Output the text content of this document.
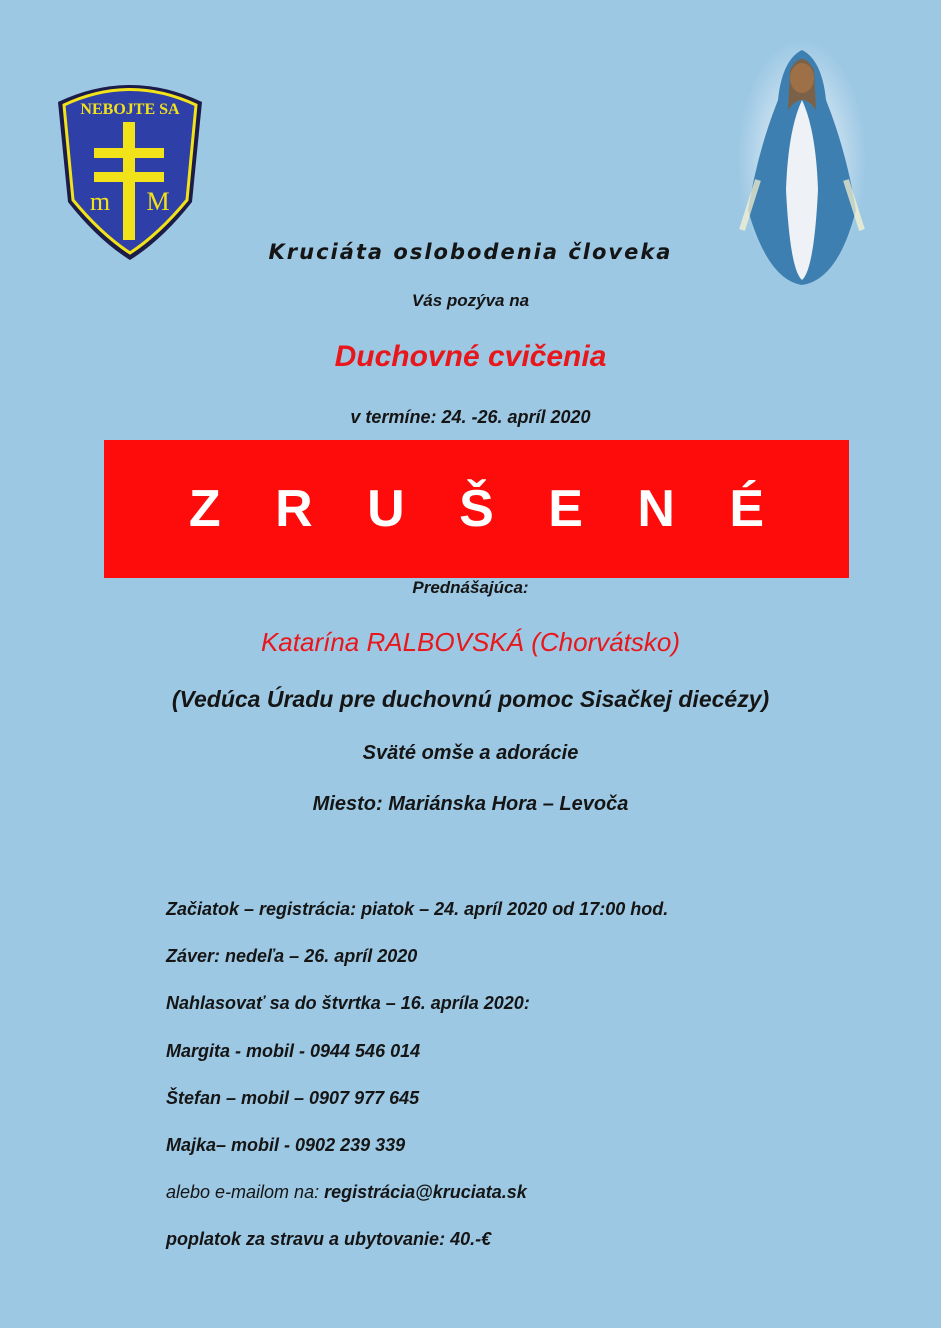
NEBOJTE SA
m M
Kruciáta oslobodenia človeka
Vás pozýva na
Duchovné cvičenia
v termíne: 24. -26. apríl 2020
Z R U Š E N É
Prednášajúca:
Katarína RALBOVSKÁ (Chorvátsko)
(Vedúca Úradu pre duchovnú pomoc Sisačkej diecézy)
Sväté omše a adorácie
Miesto: Mariánska Hora – Levoča
Začiatok – registrácia: piatok – 24. apríl 2020 od 17:00 hod.
Záver: nedeľa – 26. apríl 2020
Nahlasovať sa do štvrtka – 16. apríla 2020:
Margita - mobil - 0944 546 014
Štefan – mobil – 0907 977 645
Majka– mobil - 0902 239 339
alebo e-mailom na: registrácia@kruciata.sk
poplatok za stravu a ubytovanie: 40.-€
